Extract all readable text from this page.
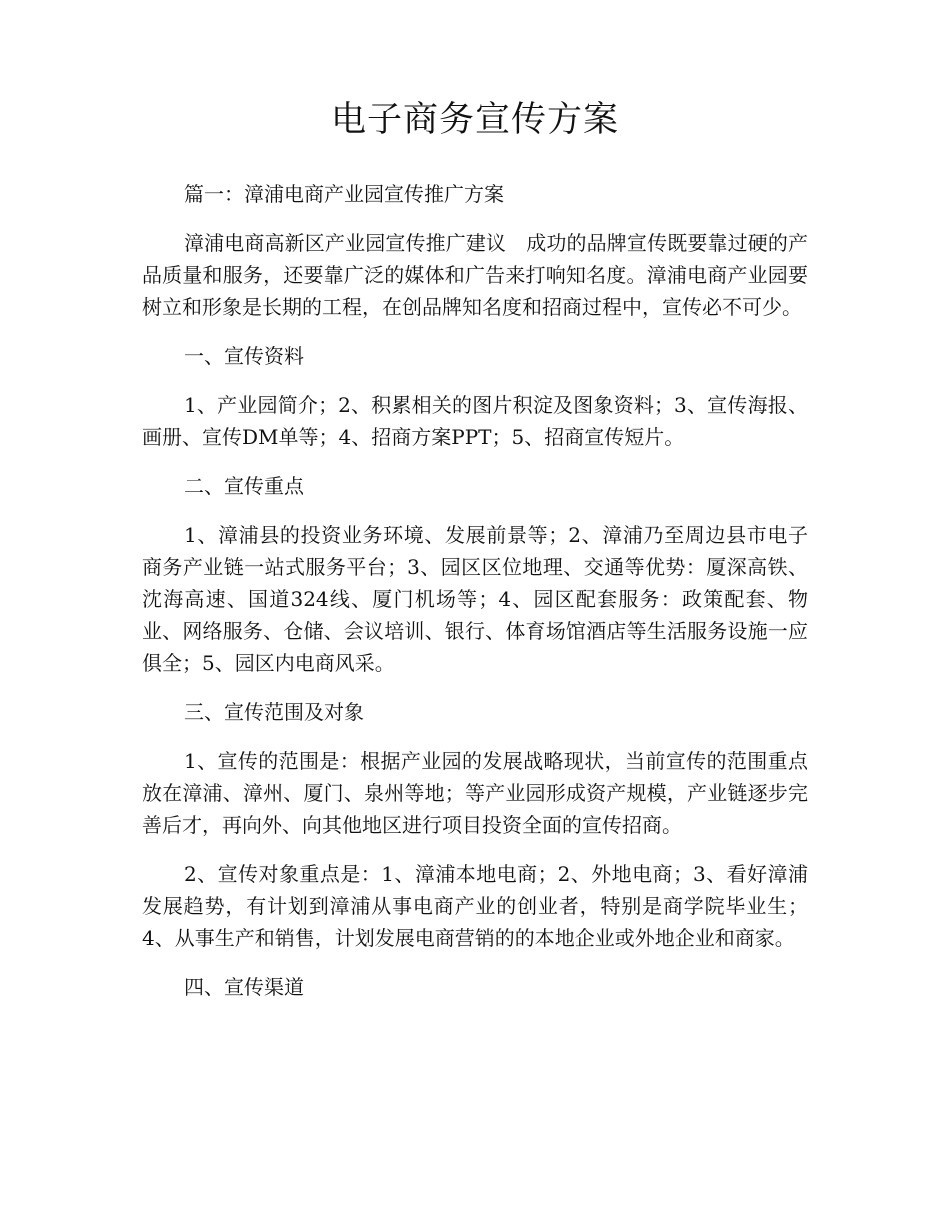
电子商务宣传方案

篇一：漳浦电商产业园宣传推广方案

漳浦电商高新区产业园宣传推广建议　成功的品牌宣传既要靠过硬的产品质量和服务，还要靠广泛的媒体和广告来打响知名度。漳浦电商产业园要树立和形象是长期的工程，在创品牌知名度和招商过程中，宣传必不可少。

一、宣传资料

1、产业园简介；2、积累相关的图片积淀及图象资料；3、宣传海报、画册、宣传DM单等；4、招商方案PPT；5、招商宣传短片。

二、宣传重点

1、漳浦县的投资业务环境、发展前景等；2、漳浦乃至周边县市电子商务产业链一站式服务平台；3、园区区位地理、交通等优势：厦深高铁、沈海高速、国道324线、厦门机场等；4、园区配套服务：政策配套、物业、网络服务、仓储、会议培训、银行、体育场馆酒店等生活服务设施一应俱全；5、园区内电商风采。

三、宣传范围及对象

1、宣传的范围是：根据产业园的发展战略现状，当前宣传的范围重点放在漳浦、漳州、厦门、泉州等地；等产业园形成资产规模，产业链逐步完善后才，再向外、向其他地区进行项目投资全面的宣传招商。

2、宣传对象重点是：1、漳浦本地电商；2、外地电商；3、看好漳浦发展趋势，有计划到漳浦从事电商产业的创业者，特别是商学院毕业生；4、从事生产和销售，计划发展电商营销的的本地企业或外地企业和商家。

四、宣传渠道
